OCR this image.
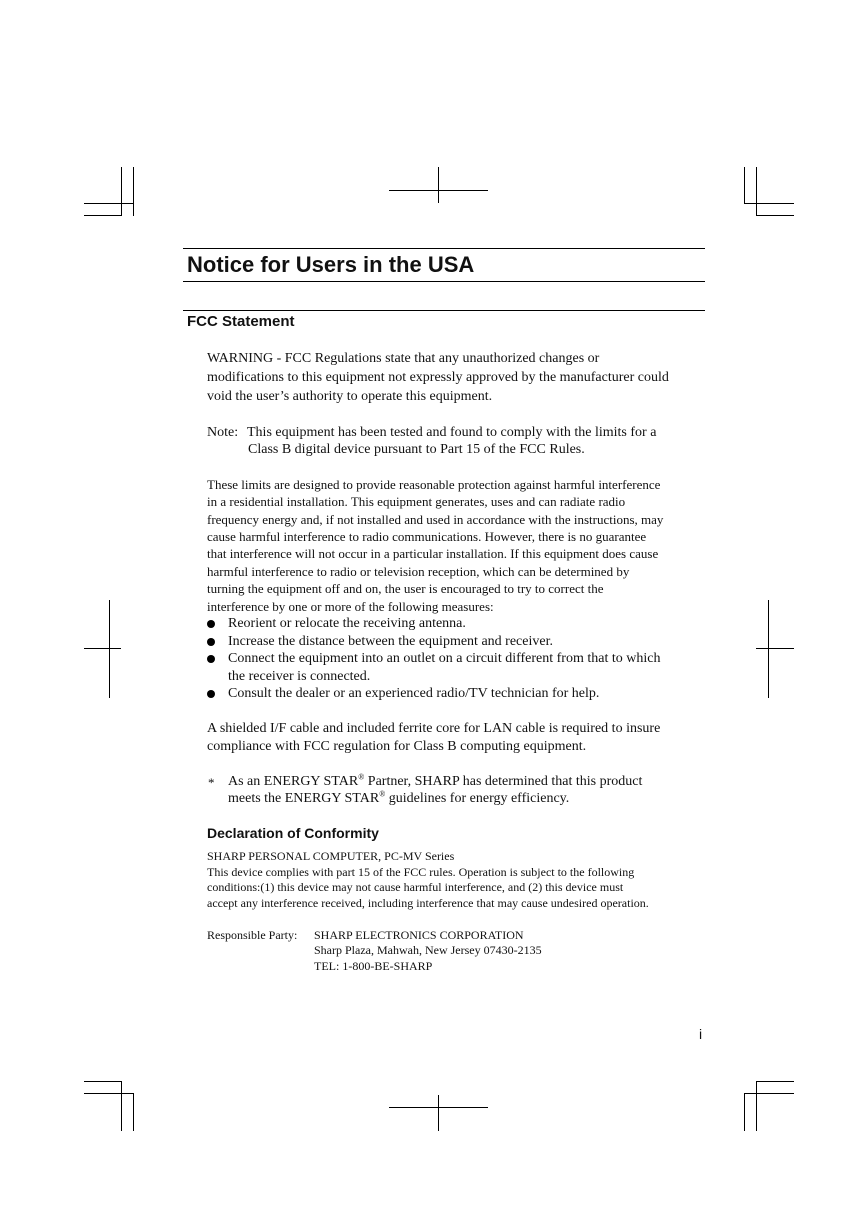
Notice for Users in the USA
FCC Statement
WARNING - FCC Regulations state that any unauthorized changes or
modifications to this equipment not expressly approved by the manufacturer could
void the user’s authority to operate this equipment.
Note: This equipment has been tested and found to comply with the limits for a
Class B digital device pursuant to Part 15 of the FCC Rules.
These limits are designed to provide reasonable protection against harmful interference
in a residential installation. This equipment generates, uses and can radiate radio
frequency energy and, if not installed and used in accordance with the instructions, may
cause harmful interference to radio communications. However, there is no guarantee
that interference will not occur in a particular installation. If this equipment does cause
harmful interference to radio or television reception, which can be determined by
turning the equipment off and on, the user is encouraged to try to correct the
interference by one or more of the following measures:
Reorient or relocate the receiving antenna.
Increase the distance between the equipment and receiver.
Connect the equipment into an outlet on a circuit different from that to which
the receiver is connected.
Consult the dealer or an experienced radio/TV technician for help.
A shielded I/F cable and included ferrite core for LAN cable is required to insure
compliance with FCC regulation for Class B computing equipment.
* As an ENERGY STAR® Partner, SHARP has determined that this product
meets the ENERGY STAR® guidelines for energy efficiency.
Declaration of Conformity
SHARP PERSONAL COMPUTER, PC-MV Series
This device complies with part 15 of the FCC rules. Operation is subject to the following
conditions:(1) this device may not cause harmful interference, and (2) this device must
accept any interference received, including interference that may cause undesired operation.
Responsible Party: SHARP ELECTRONICS CORPORATION
Sharp Plaza, Mahwah, New Jersey 07430-2135
TEL: 1-800-BE-SHARP
i
